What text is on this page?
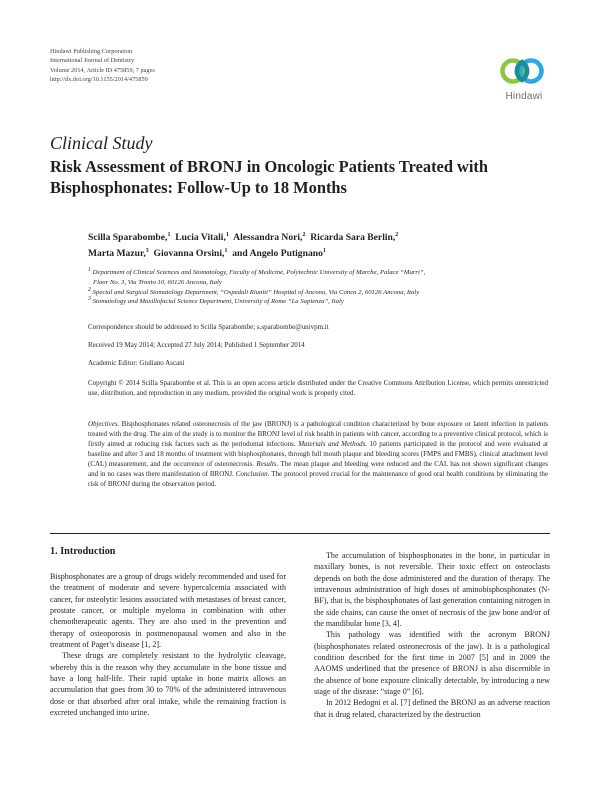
Hindawi Publishing Corporation
International Journal of Dentistry
Volume 2014, Article ID 475859, 7 pages
http://dx.doi.org/10.1155/2014/475859
Hindawi
Clinical Study
Risk Assessment of BRONJ in Oncologic Patients Treated with Bisphosphonates: Follow-Up to 18 Months
Scilla Sparabombe,$^1$ Lucia Vitali,$^1$ Alessandra Nori,$^2$ Ricarda Sara Berlin,$^2$
Marta Mazur,$^3$ Giovanna Orsini,$^1$ and Angelo Putignano$^1$
$^1$ Department of Clinical Sciences and Stomatology, Faculty of Medicine, Polytechnic University of Marche, Palace “Murri”,
Floor No. 3, Via Tronto 10, 60126 Ancona, Italy
$^2$ Special and Surgical Stomatology Department, “Ospedali Riuniti” Hospital of Ancona, Via Conca 2, 60126 Ancona, Italy
$^3$ Stomatology and Maxillofacial Science Department, University of Rome “La Sapienza”, Italy
Correspondence should be addressed to Scilla Sparabombe; s.sparabombe@univpm.it
Received 19 May 2014; Accepted 27 July 2014; Published 1 September 2014
Academic Editor: Giuliano Ascani
Copyright © 2014 Scilla Sparabombe et al. This is an open access article distributed under the Creative Commons Attribution License, which permits unrestricted use, distribution, and reproduction in any medium, provided the original work is properly cited.
Objectives. Bisphosphonates related osteonecrosis of the jaw (BRONJ) is a pathological condition characterized by bone exposure or latent infection in patients treated with the drug. The aim of the study is to monitor the BRONJ level of risk health in patients with cancer, according to a preventive clinical protocol, which is firstly aimed at reducing risk factors such as the periodontal infections. Materials and Methods. 10 patients participated in the protocol and were evaluated at baseline and after 3 and 18 months of treatment with bisphosphonates, through full mouth plaque and bleeding scores (FMPS and FMBS), clinical attachment level (CAL) measurement, and the occurrence of osteonecrosis. Results. The mean plaque and bleeding were reduced and the CAL has not shown significant changes and in no cases was there manifestation of BRONJ. Conclusion. The protocol proved crucial for the maintenance of good oral health conditions by eliminating the risk of BRONJ during the observation period.
1. Introduction

Bisphosphonates are a group of drugs widely recommended and used for the treatment of moderate and severe hypercalcemia associated with cancer, for osteolytic lesions associated with metastases of breast cancer, prostate cancer, or multiple myeloma in combination with other chemotherapeutic agents. They are also used in the prevention and therapy of osteoporosis in postmenopausal women and also in the treatment of Paget’s disease [1, 2].

These drugs are completely resistant to the hydrolytic cleavage, whereby this is the reason why they accumulate in the bone tissue and have a long half-life. Their rapid uptake in bone matrix allows an accumulation that goes from 30 to 70% of the administered intravenous dose or that absorbed after oral intake, while the remaining fraction is excreted unchanged into urine.

The accumulation of bisphosphonates in the bone, in particular in maxillary bones, is not reversible. Their toxic effect on osteoclasts depends on both the dose administered and the duration of therapy. The intravenous administration of high doses of aminobisphosphonates (N-BF), that is, the bisphosphonates of last generation containing nitrogen in the side chains, can cause the onset of necrosis of the jaw bone and/or of the mandibular bone [3, 4].

This pathology was identified with the acronym BRONJ (bisphosphonates related osteonecrosis of the jaw). It is a pathological condition described for the first time in 2007 [5] and in 2009 the AAOMS underlined that the presence of BRONJ is also discernible in the absence of bone exposure clinically detectable, by introducing a new stage of the disease: “stage 0” [6].

In 2012 Bedogni et al. [7] defined the BRONJ as an adverse reaction that is drug related, characterized by the destruction
